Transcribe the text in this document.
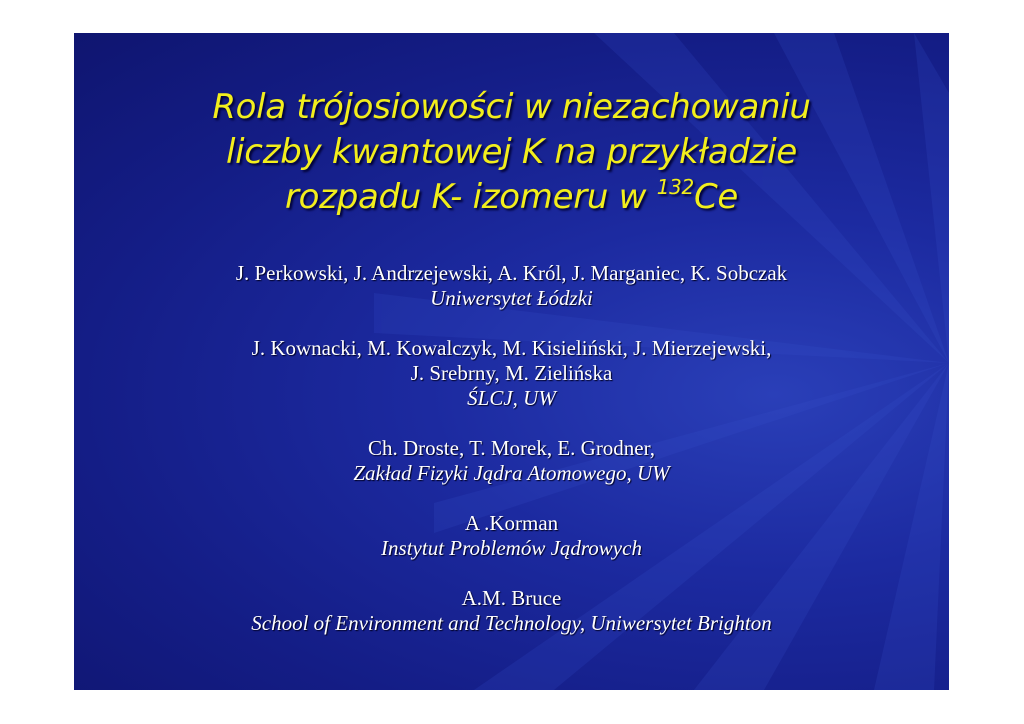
Rola trójosiowości w niezachowaniu
liczby kwantowej K na przykładzie
rozpadu K- izomeru w $^{132}$Ce
J. Perkowski, J. Andrzejewski, A. Król, J. Marganiec, K. Sobczak
Uniwersytet Łódzki
J. Kownacki, M. Kowalczyk, M. Kisieliński, J. Mierzejewski,
J. Srebrny, M. Zielińska
ŚLCJ, UW
Ch. Droste, T. Morek, E. Grodner,
Zakład Fizyki Jądra Atomowego, UW
A .Korman
Instytut Problemów Jądrowych
A.M. Bruce
School of Environment and Technology, Uniwersytet Brighton
